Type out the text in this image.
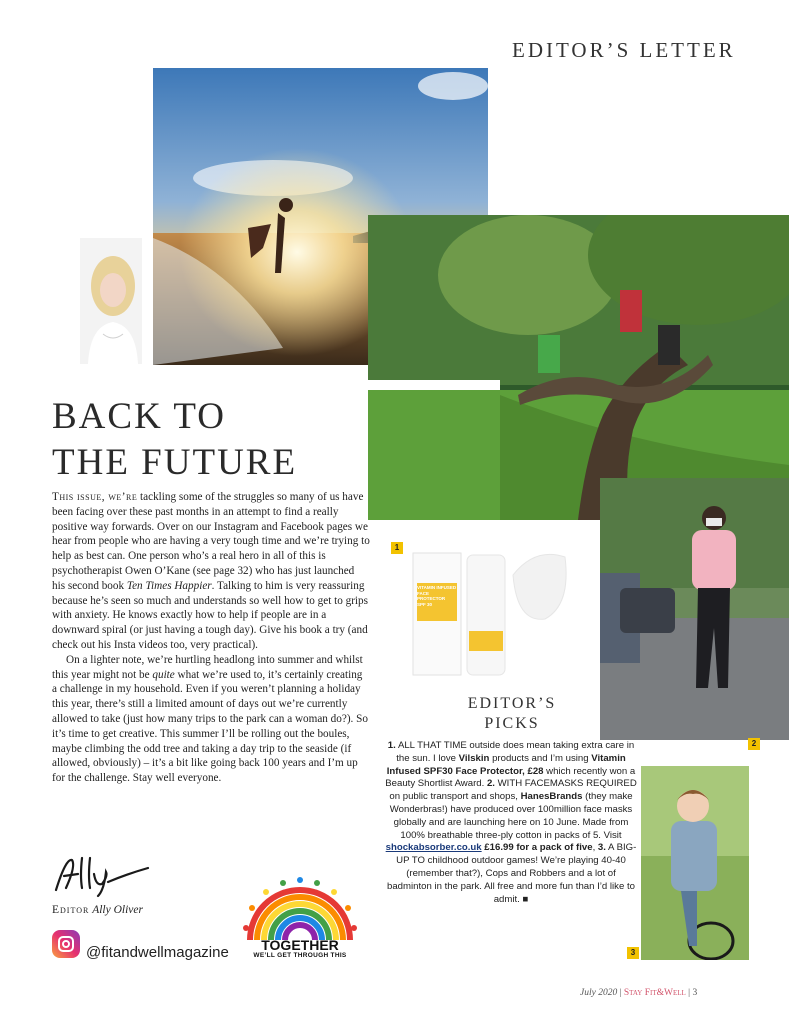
EDITOR’S LETTER
VITAMIN INFUSED
FACE
PROTECTOR
SPF 30
1
2
3
BACK TO
THE FUTURE

This issue, we’re tackling some of the struggles so many of us have been facing over these past months in an attempt to find a really positive way forwards. Over on our Instagram and Facebook pages we hear from people who are having a very tough time and we’re trying to help as best can. One person who’s a real hero in all of this is psychotherapist Owen O’Kane (see page 32) who has just launched his second book Ten Times Happier. Talking to him is very reassuring because he’s seen so much and understands so well how to get to grips with anxiety. He knows exactly how to help if people are in a downward spiral (or just having a tough day). Give his book a try (and check out his Insta videos too, very practical).

On a lighter note, we’re hurtling headlong into summer and whilst this year might not be quite what we’re used to, it’s certainly creating a challenge in my household. Even if you weren’t planning a holiday this year, there’s still a limited amount of days out we’re currently allowed to take (just how many trips to the park can a woman do?). So it’s time to get creative. This summer I’ll be rolling out the boules, maybe climbing the odd tree and taking a day trip to the seaside (if allowed, obviously) – it’s a bit like going back 100 years and I’m up for the challenge. Stay well everyone.

Editor Ally Oliver
@fitandwellmagazine	TOGETHER
WE’LL GET THROUGH THIS
EDITOR’S
PICKS
1. ALL THAT TIME outside does mean taking extra care in the sun. I love Vilskin products and I’m using Vitamin Infused SPF30 Face Protector, £28 which recently won a Beauty Shortlist Award. 2. WITH FACEMASKS REQUIRED on public transport and shops, HanesBrands (they make Wonderbras!) have produced over 100million face masks globally and are launching here on 10 June. Made from 100% breathable three-ply cotton in packs of 5. Visit shockabsorber.co.uk £16.99 for a pack of five, 3. A BIG-UP TO childhood outdoor games! We’re playing 40-40 (remember that?), Cops and Robbers and a lot of badminton in the park. All free and more fun than I’d like to admit. ■
July 2020 | Stay Fit&Well | 3
